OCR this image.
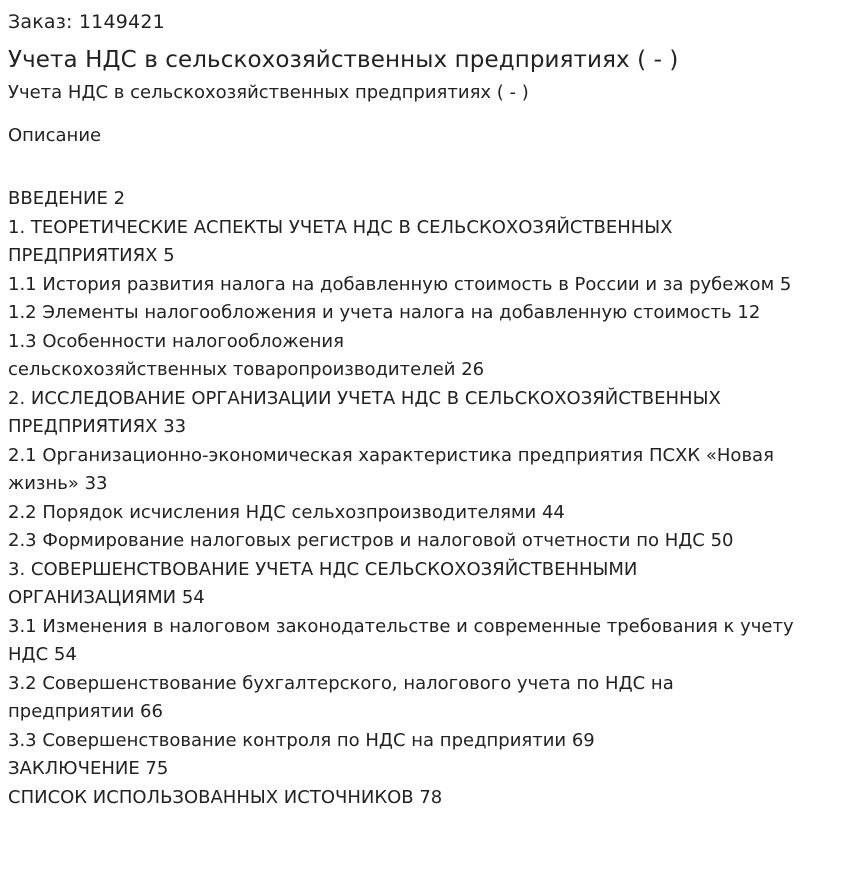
Заказ: 1149421

Учета НДС в сельскохозяйственных предприятиях ( - )

Учета НДС в сельскохозяйственных предприятиях ( - )

Описание

ВВЕДЕНИЕ 2
1. ТЕОРЕТИЧЕСКИЕ АСПЕКТЫ УЧЕТА НДС В СЕЛЬСКОХОЗЯЙСТВЕННЫХ
ПРЕДПРИЯТИЯХ 5
1.1 История развития налога на добавленную стоимость в России и за рубежом 5
1.2 Элементы налогообложения и учета налога на добавленную стоимость 12
1.3 Особенности налогообложения
сельскохозяйственных товаропроизводителей 26
2. ИССЛЕДОВАНИЕ ОРГАНИЗАЦИИ УЧЕТА НДС В СЕЛЬСКОХОЗЯЙСТВЕННЫХ
ПРЕДПРИЯТИЯХ 33
2.1 Организационно-экономическая характеристика предприятия ПСХК «Новая
жизнь» 33
2.2 Порядок исчисления НДС сельхозпроизводителями 44
2.3 Формирование налоговых регистров и налоговой отчетности по НДС 50
3. СОВЕРШЕНСТВОВАНИЕ УЧЕТА НДС СЕЛЬСКОХОЗЯЙСТВЕННЫМИ
ОРГАНИЗАЦИЯМИ 54
3.1 Изменения в налоговом законодательстве и современные требования к учету
НДС 54
3.2 Совершенствование бухгалтерского, налогового учета по НДС на
предприятии 66
3.3 Совершенствование контроля по НДС на предприятии 69
ЗАКЛЮЧЕНИЕ 75
СПИСОК ИСПОЛЬЗОВАННЫХ ИСТОЧНИКОВ 78
